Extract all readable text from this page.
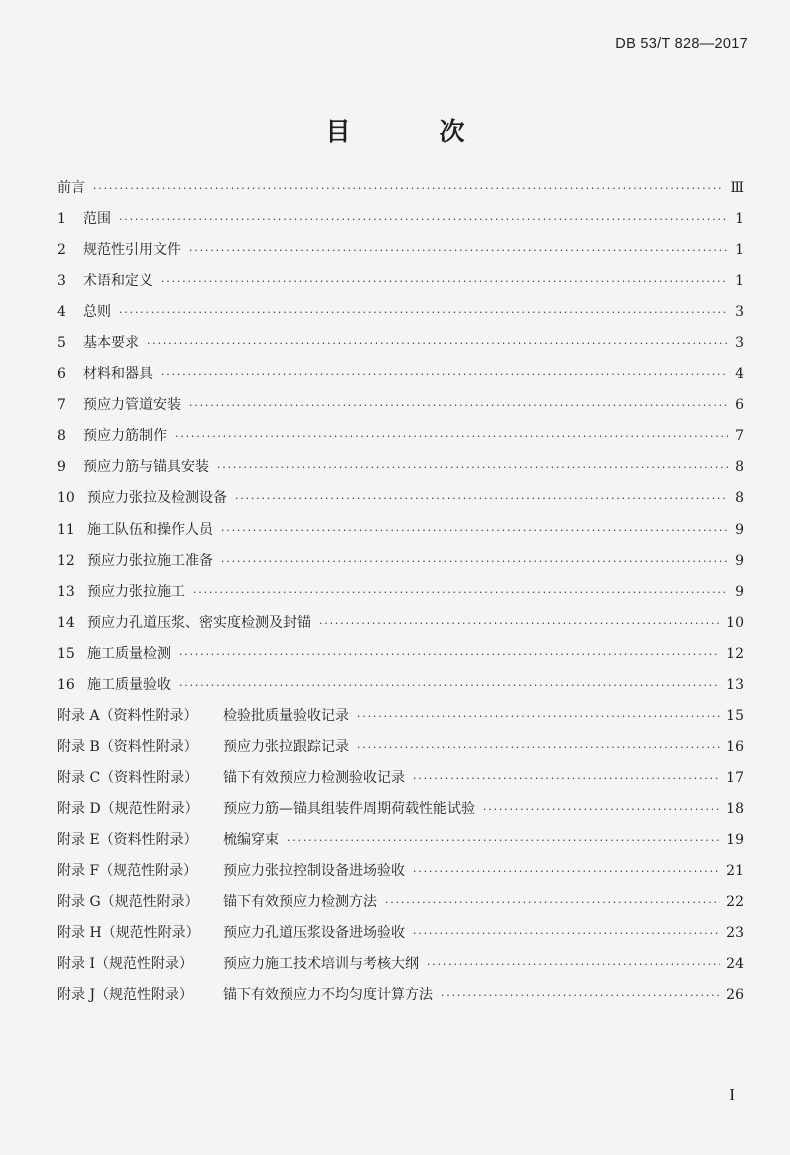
DB 53/T 828—2017
目　次
前言 ·····	Ⅲ
1	范围 ·····	1
2	规范性引用文件 ·····	1
3	术语和定义 ·····	1
4	总则 ·····	3
5	基本要求 ·····	3
6	材料和器具 ·····	4
7	预应力管道安装 ·····	6
8	预应力筋制作 ·····	7
9	预应力筋与锚具安装 ·····	8
10 预应力张拉及检测设备 ·····	8
11 施工队伍和操作人员 ·····	9
12 预应力张拉施工准备 ·····	9
13 预应力张拉施工 ·····	9
14 预应力孔道压浆、密实度检测及封锚 ·····	10
15 施工质量检测 ·····	12
16 施工质量验收 ·····	13
附录 A（资料性附录）	检验批质量验收记录 ·····	15
附录 B（资料性附录）	预应力张拉跟踪记录 ·····	16
附录 C（资料性附录）	锚下有效预应力检测验收记录 ·····	17
附录 D（规范性附录）	预应力筋—锚具组装件周期荷载性能试验 ·····	18
附录 E（资料性附录）	梳编穿束 ·····	19
附录 F（规范性附录）	预应力张拉控制设备进场验收 ·····	21
附录 G（规范性附录）	锚下有效预应力检测方法 ·····	22
附录 H（规范性附录）	预应力孔道压浆设备进场验收 ·····	23
附录 I（规范性附录）	预应力施工技术培训与考核大纲 ·····	24
附录 J（规范性附录）	锚下有效预应力不均匀度计算方法 ·····	26
I
